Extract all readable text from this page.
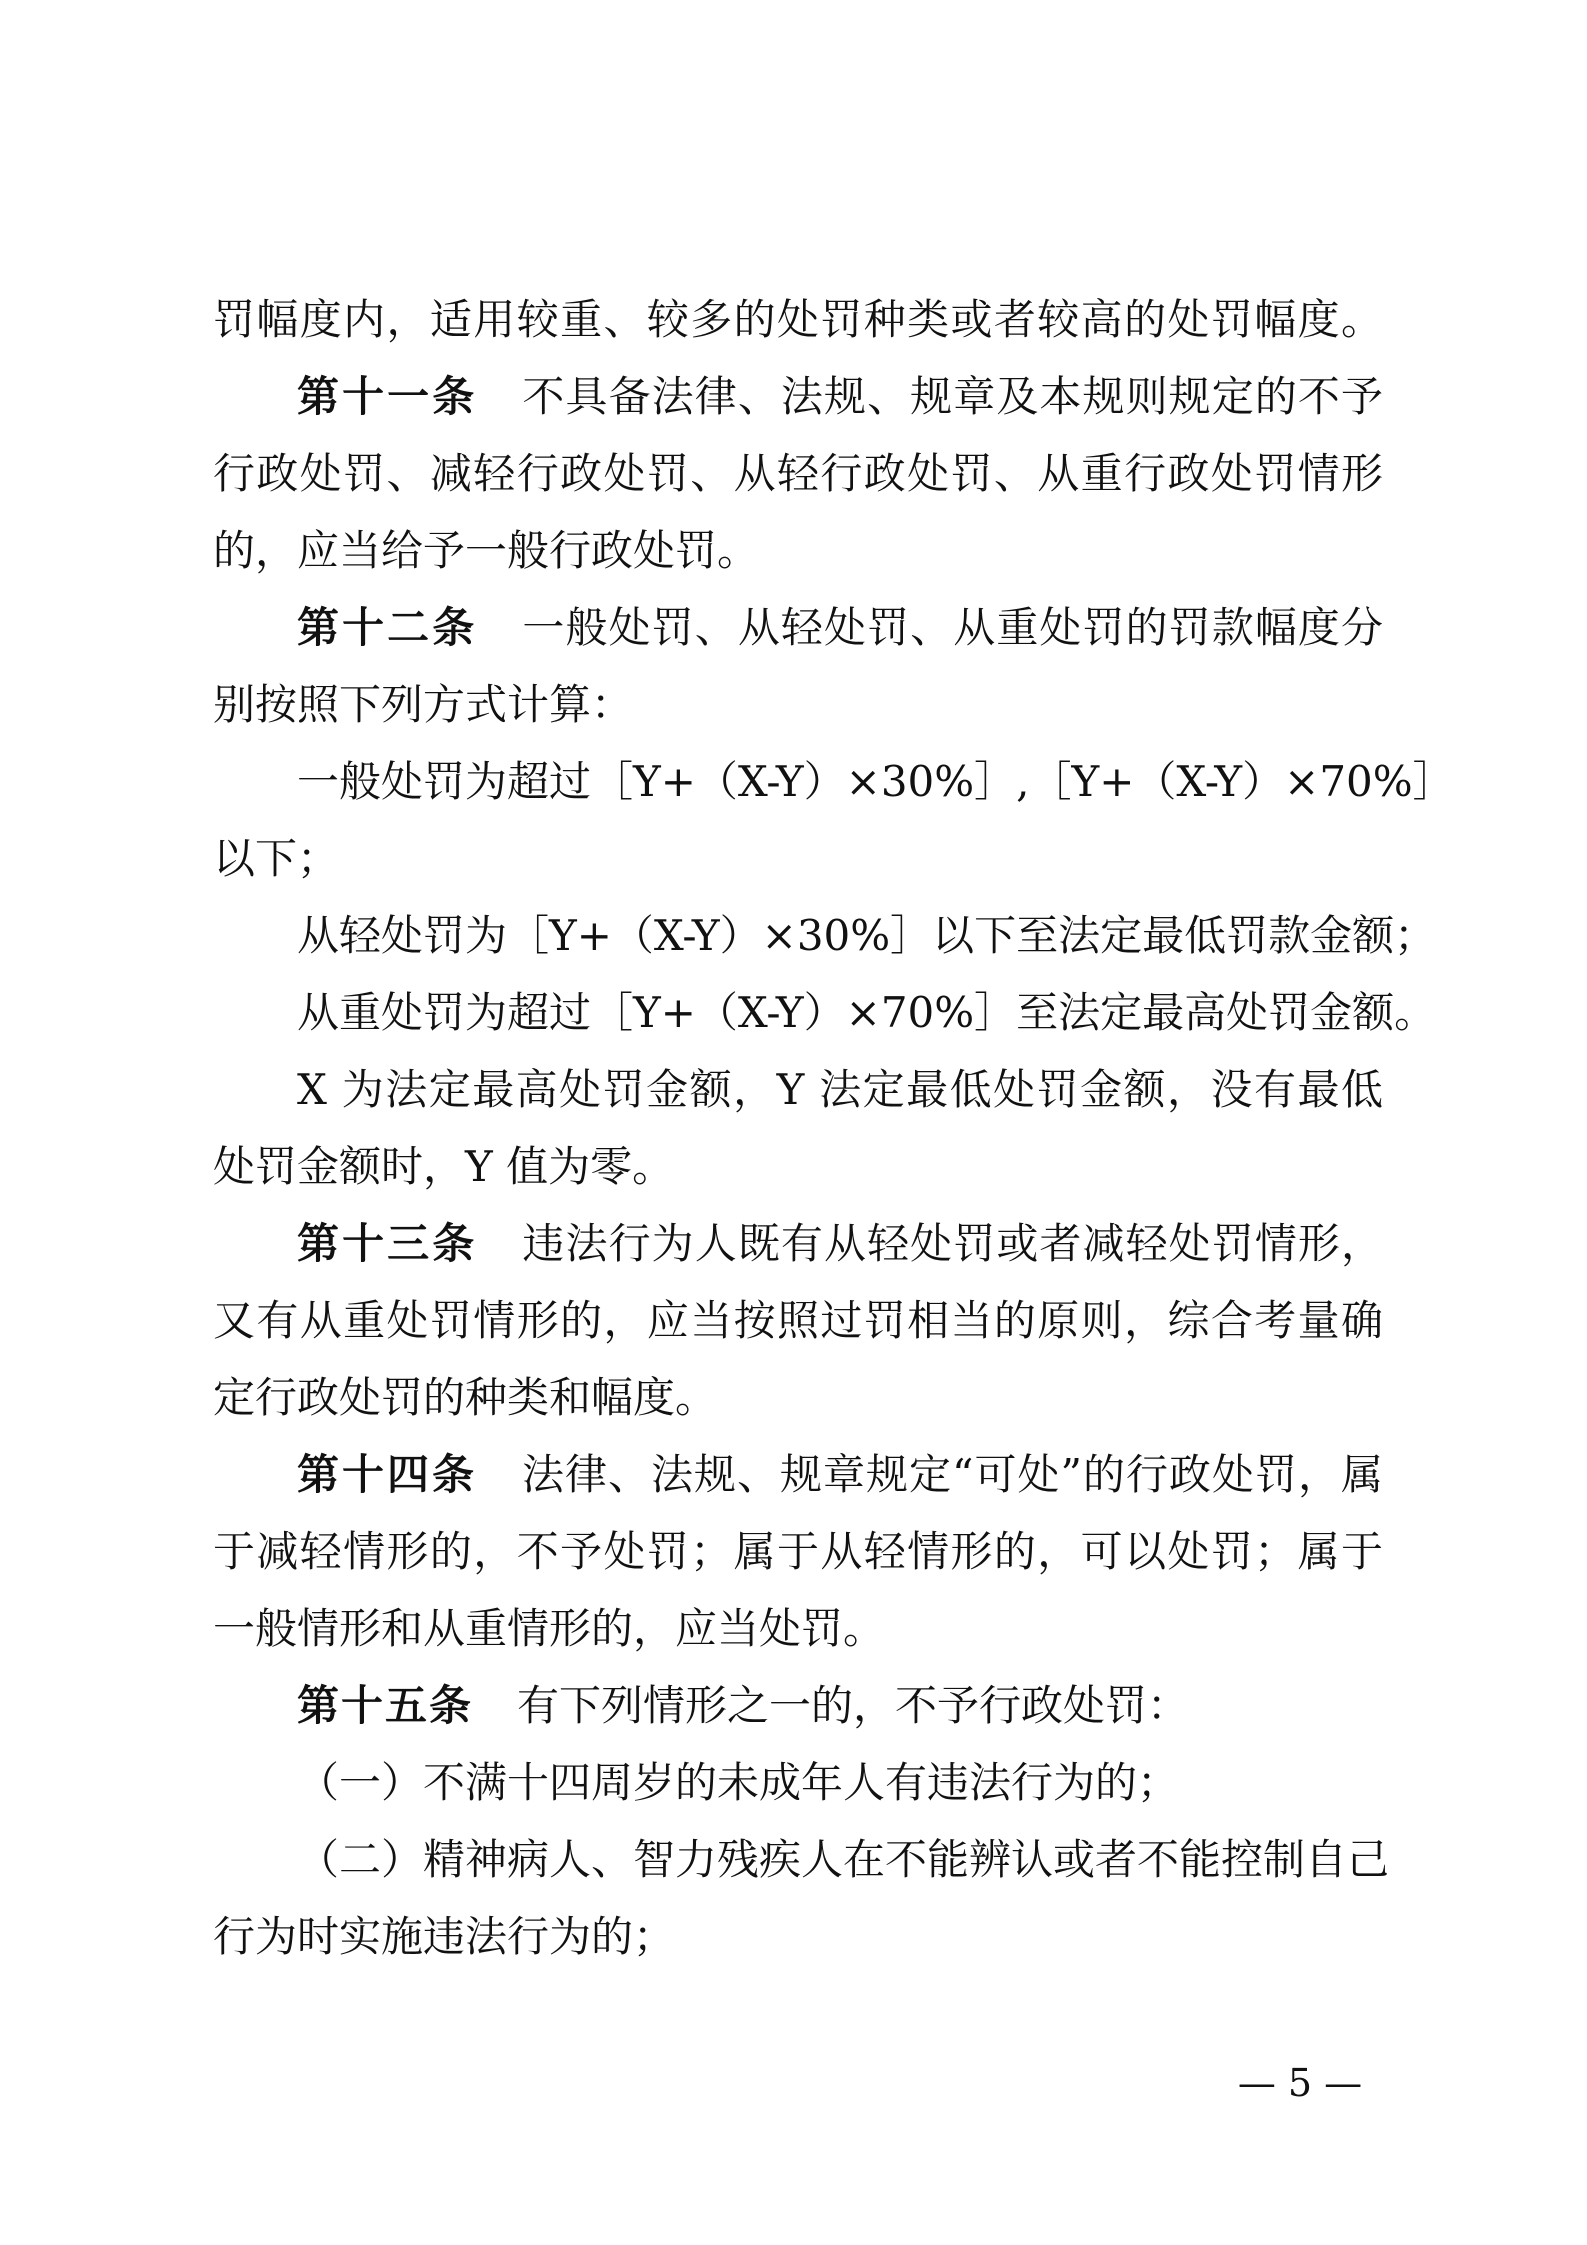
罚幅度内，适用较重、较多的处罚种类或者较高的处罚幅度。
第十一条 不具备法律、法规、规章及本规则规定的不予
行政处罚、减轻行政处罚、从轻行政处罚、从重行政处罚情形
的，应当给予一般行政处罚。
第十二条 一般处罚、从轻处罚、从重处罚的罚款幅度分
别按照下列方式计算：
一般处罚为超过［Y+（X-Y）×30%］,［Y+（X-Y）×70%］
以下；
从轻处罚为［Y+（X-Y）×30%］以下至法定最低罚款金额；
从重处罚为超过［Y+（X-Y）×70%］至法定最高处罚金额。
X 为法定最高处罚金额，Y 法定最低处罚金额，没有最低
处罚金额时，Y 值为零。
第十三条 违法行为人既有从轻处罚或者减轻处罚情形，
又有从重处罚情形的，应当按照过罚相当的原则，综合考量确
定行政处罚的种类和幅度。
第十四条 法律、法规、规章规定“可处”的行政处罚，属
于减轻情形的，不予处罚；属于从轻情形的，可以处罚；属于
一般情形和从重情形的，应当处罚。
第十五条 有下列情形之一的，不予行政处罚：
（一）不满十四周岁的未成年人有违法行为的；
（二）精神病人、智力残疾人在不能辨认或者不能控制自己
行为时实施违法行为的；
— 5 —
